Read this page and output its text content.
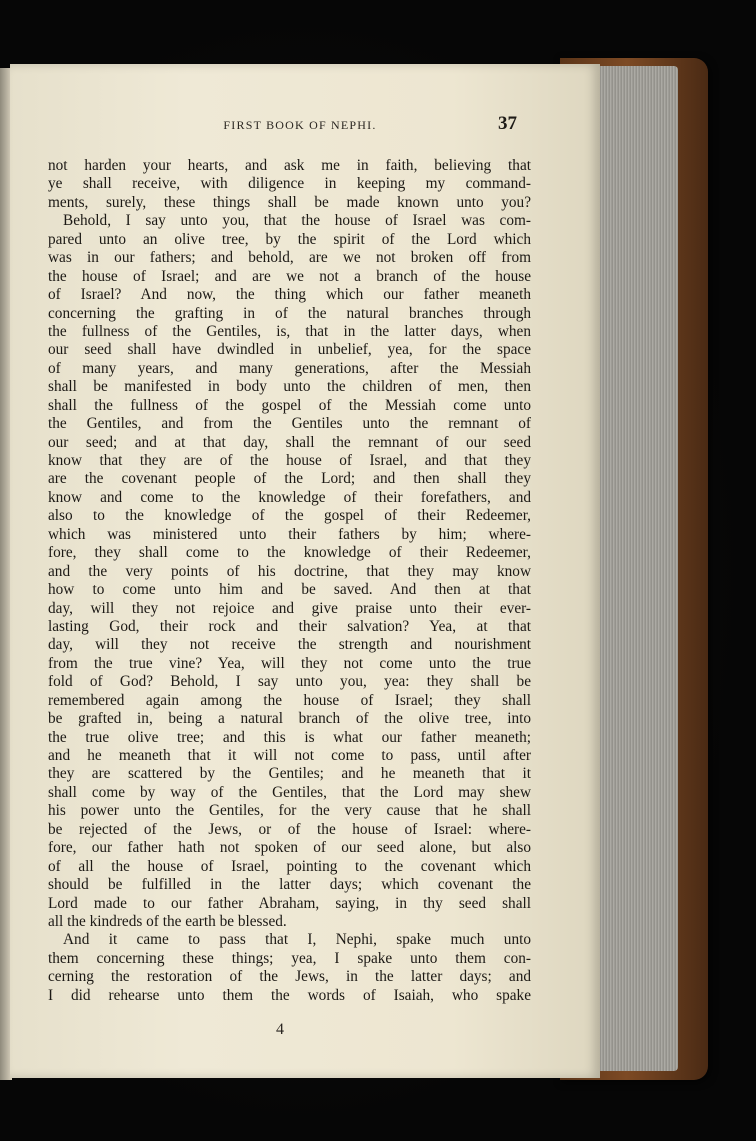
FIRST BOOK OF NEPHI.	37
not harden your hearts, and ask me in faith, believing that
ye shall receive, with diligence in keeping my command-
ments, surely, these things shall be made known unto you?
Behold, I say unto you, that the house of Israel was com-
pared unto an olive tree, by the spirit of the Lord which
was in our fathers; and behold, are we not broken off from
the house of Israel; and are we not a branch of the house
of Israel? And now, the thing which our father meaneth
concerning the grafting in of the natural branches through
the fullness of the Gentiles, is, that in the latter days, when
our seed shall have dwindled in unbelief, yea, for the space
of many years, and many generations, after the Messiah
shall be manifested in body unto the children of men, then
shall the fullness of the gospel of the Messiah come unto
the Gentiles, and from the Gentiles unto the remnant of
our seed; and at that day, shall the remnant of our seed
know that they are of the house of Israel, and that they
are the covenant people of the Lord; and then shall they
know and come to the knowledge of their forefathers, and
also to the knowledge of the gospel of their Redeemer,
which was ministered unto their fathers by him; where-
fore, they shall come to the knowledge of their Redeemer,
and the very points of his doctrine, that they may know
how to come unto him and be saved. And then at that
day, will they not rejoice and give praise unto their ever-
lasting God, their rock and their salvation? Yea, at that
day, will they not receive the strength and nourishment
from the true vine? Yea, will they not come unto the true
fold of God? Behold, I say unto you, yea: they shall be
remembered again among the house of Israel; they shall
be grafted in, being a natural branch of the olive tree, into
the true olive tree; and this is what our father meaneth;
and he meaneth that it will not come to pass, until after
they are scattered by the Gentiles; and he meaneth that it
shall come by way of the Gentiles, that the Lord may shew
his power unto the Gentiles, for the very cause that he shall
be rejected of the Jews, or of the house of Israel: where-
fore, our father hath not spoken of our seed alone, but also
of all the house of Israel, pointing to the covenant which
should be fulfilled in the latter days; which covenant the
Lord made to our father Abraham, saying, in thy seed shall
all the kindreds of the earth be blessed.
And it came to pass that I, Nephi, spake much unto
them concerning these things; yea, I spake unto them con-
cerning the restoration of the Jews, in the latter days; and
I did rehearse unto them the words of Isaiah, who spake
4
